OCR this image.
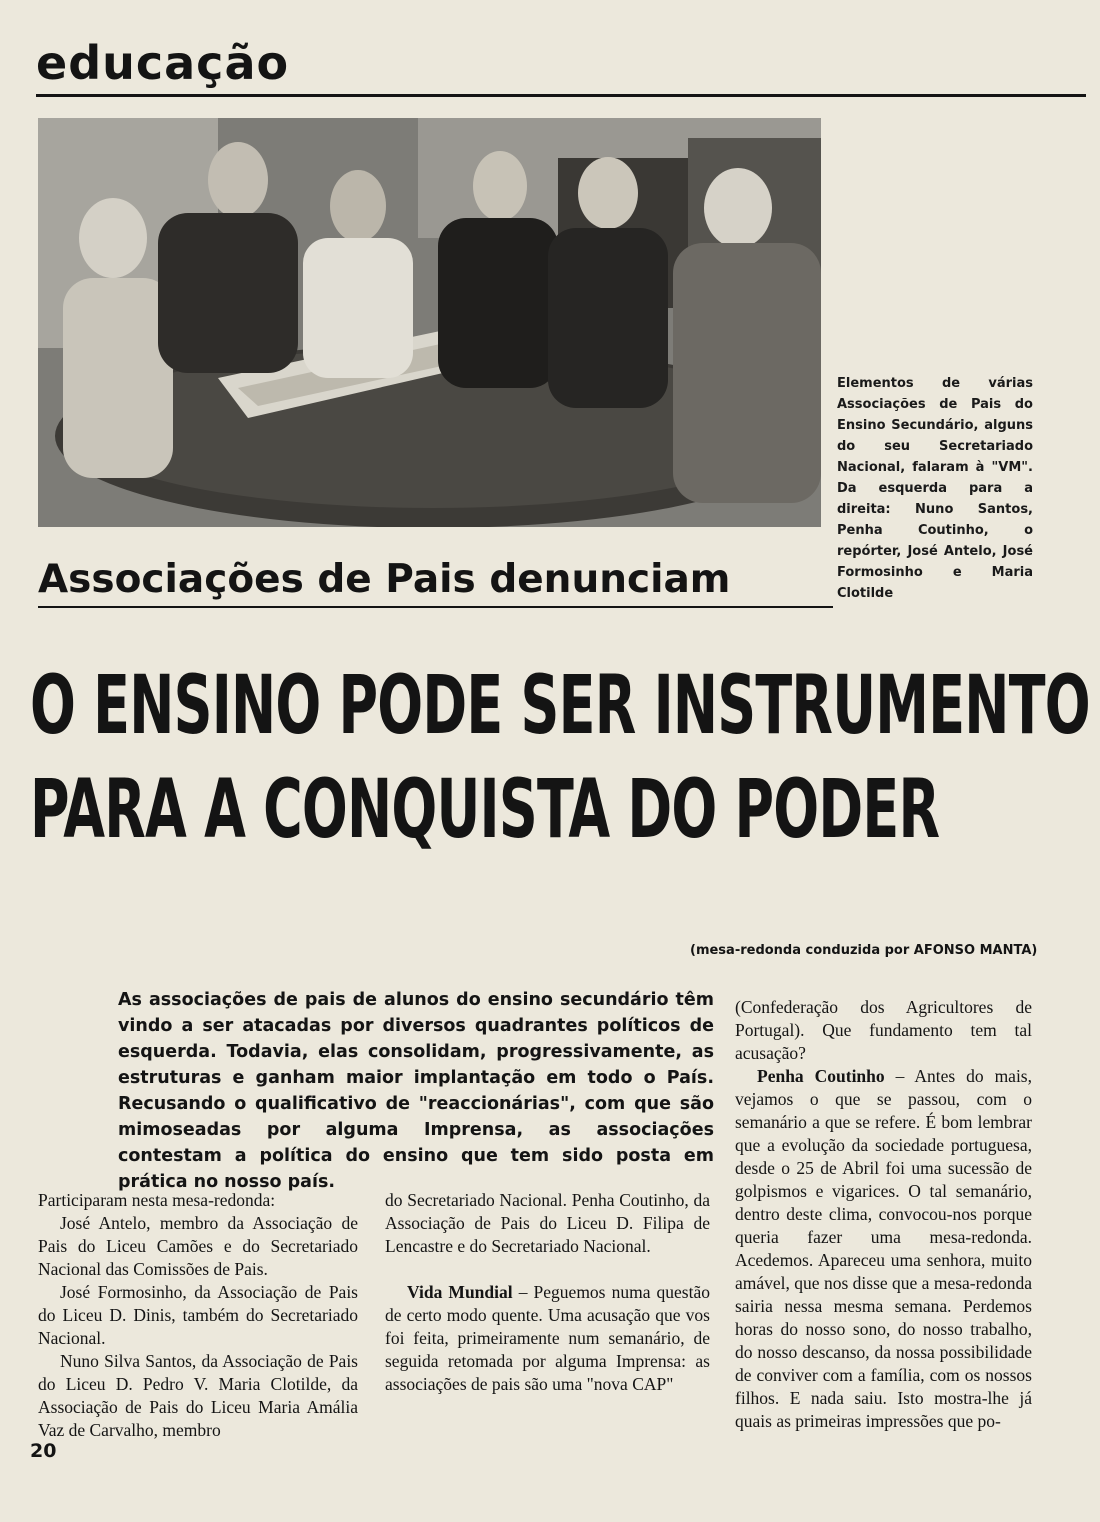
educação
Elementos de várias Associações de Pais do Ensino Secundário, alguns do seu Secretariado Nacional, falaram à "VM". Da esquerda para a direita: Nuno Santos, Penha Coutinho, o repórter, José Antelo, José Formosinho e Maria Clotilde
Associações de Pais denunciam
O ENSINO PODE SER INSTRUMENTO
PARA A CONQUISTA DO PODER
(mesa-redonda conduzida por AFONSO MANTA)
As associações de pais de alunos do ensino secundário têm vindo a ser atacadas por diversos quadrantes políticos de esquerda. Todavia, elas consolidam, progressivamente, as estruturas e ganham maior implantação em todo o País. Recusando o qualificativo de "reaccionárias", com que são mimoseadas por alguma Imprensa, as associações contestam a política do ensino que tem sido posta em prática no nosso país.

Participaram nesta mesa-redonda:

José Antelo, membro da Associação de Pais do Liceu Camões e do Secretariado Nacional das Comissões de Pais.

José Formosinho, da Associação de Pais do Liceu D. Dinis, também do Secretariado Nacional.

Nuno Silva Santos, da Associação de Pais do Liceu D. Pedro V. Maria Clotilde, da Associação de Pais do Liceu Maria Amália Vaz de Carvalho, membro

do Secretariado Nacional. Penha Coutinho, da Associação de Pais do Liceu D. Filipa de Lencastre e do Secretariado Nacional.

Vida Mundial – Peguemos numa questão de certo modo quente. Uma acusação que vos foi feita, primeiramente num semanário, de seguida retomada por alguma Imprensa: as associações de pais são uma "nova CAP"

(Confederação dos Agricultores de Portugal). Que fundamento tem tal acusação?

Penha Coutinho – Antes do mais, vejamos o que se passou, com o semanário a que se refere. É bom lembrar que a evolução da sociedade portuguesa, desde o 25 de Abril foi uma sucessão de golpismos e vigarices. O tal semanário, dentro deste clima, convocou-nos porque queria fazer uma mesa-redonda. Acedemos. Apareceu uma senhora, muito amável, que nos disse que a mesa-redonda sairia nessa mesma semana. Perdemos horas do nosso sono, do nosso trabalho, do nosso descanso, da nossa possibilidade de conviver com a família, com os nossos filhos. E nada saiu. Isto mostra-lhe já quais as primeiras impressões que po-

20
